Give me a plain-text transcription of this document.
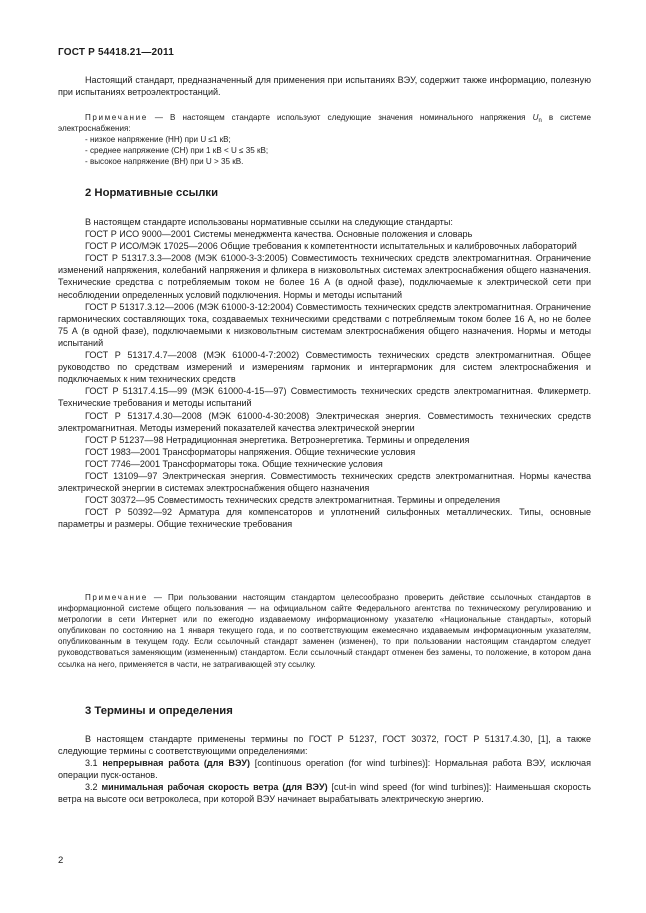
ГОСТ Р 54418.21—2011

Настоящий стандарт, предназначенный для применения при испытаниях ВЭУ, содержит также информацию, полезную при испытаниях ветроэлектростанций.

Примечание — В настоящем стандарте используют следующие значения номинального напряжения $U_n$ в системе электроснабжения:

- низкое напряжение (НН) при U ≤1 кВ;

- среднее напряжение (СН) при 1 кВ < U ≤ 35 кВ;

- высокое напряжение (ВН) при U > 35 кВ.

2 Нормативные ссылки

В настоящем стандарте использованы нормативные ссылки на следующие стандарты:

ГОСТ Р ИСО 9000—2001 Системы менеджмента качества. Основные положения и словарь

ГОСТ Р ИСО/МЭК 17025—2006 Общие требования к компетентности испытательных и калибровочных лабораторий

ГОСТ Р 51317.3.3—2008 (МЭК 61000-3-3:2005) Совместимость технических средств электромагнитная. Ограничение изменений напряжения, колебаний напряжения и фликера в низковольтных системах электроснабжения общего назначения. Технические средства с потребляемым током не более 16 А (в одной фазе), подключаемые к электрической сети при несоблюдении определенных условий подключения. Нормы и методы испытаний

ГОСТ Р 51317.3.12—2006 (МЭК 61000-3-12:2004) Совместимость технических средств электромагнитная. Ограничение гармонических составляющих тока, создаваемых техническими средствами с потребляемым током более 16 А, но не более 75 А (в одной фазе), подключаемыми к низковольтным системам электроснабжения общего назначения. Нормы и методы испытаний

ГОСТ Р 51317.4.7—2008 (МЭК 61000-4-7:2002) Совместимость технических средств электромагнитная. Общее руководство по средствам измерений и измерениям гармоник и интергармоник для систем электроснабжения и подключаемых к ним технических средств

ГОСТ Р 51317.4.15—99 (МЭК 61000-4-15—97) Совместимость технических средств электромагнитная. Фликерметр. Технические требования и методы испытаний

ГОСТ Р 51317.4.30—2008 (МЭК 61000-4-30:2008) Электрическая энергия. Совместимость технических средств электромагнитная. Методы измерений показателей качества электрической энергии

ГОСТ Р 51237—98 Нетрадиционная энергетика. Ветроэнергетика. Термины и определения

ГОСТ 1983—2001 Трансформаторы напряжения. Общие технические условия

ГОСТ 7746—2001 Трансформаторы тока. Общие технические условия

ГОСТ 13109—97 Электрическая энергия. Совместимость технических средств электромагнитная. Нормы качества электрической энергии в системах электроснабжения общего назначения

ГОСТ 30372—95 Совместимость технических средств электромагнитная. Термины и определения

ГОСТ Р 50392—92 Арматура для компенсаторов и уплотнений сильфонных металлических. Типы, основные параметры и размеры. Общие технические требования

Примечание — При пользовании настоящим стандартом целесообразно проверить действие ссылочных стандартов в информационной системе общего пользования — на официальном сайте Федерального агентства по техническому регулированию и метрологии в сети Интернет или по ежегодно издаваемому информационному указателю «Национальные стандарты», который опубликован по состоянию на 1 января текущего года, и по соответствующим ежемесячно издаваемым информационным указателям, опубликованным в текущем году. Если ссылочный стандарт заменен (изменен), то при пользовании настоящим стандартом следует руководствоваться заменяющим (измененным) стандартом. Если ссылочный стандарт отменен без замены, то положение, в котором дана ссылка на него, применяется в части, не затрагивающей эту ссылку.

3 Термины и определения

В настоящем стандарте применены термины по ГОСТ Р 51237, ГОСТ 30372, ГОСТ Р 51317.4.30, [1], а также следующие термины с соответствующими определениями:

3.1 непрерывная работа (для ВЭУ) [continuous operation (for wind turbines)]: Нормальная работа ВЭУ, исключая операции пуск-останов.

3.2 минимальная рабочая скорость ветра (для ВЭУ) [cut-in wind speed (for wind turbines)]: Наименьшая скорость ветра на высоте оси ветроколеса, при которой ВЭУ начинает вырабатывать электрическую энергию.

2
